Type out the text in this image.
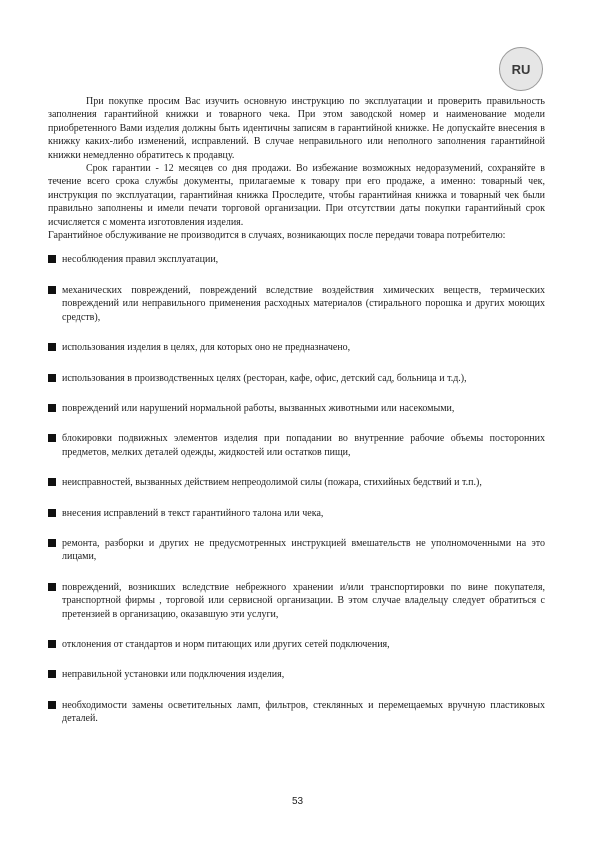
RU

При покупке просим Вас изучить основную инструкцию по эксплуатации и проверить правильность заполнения гарантийной книжки и товарного чека. При этом заводской номер и наименование модели приобретенного Вами изделия должны быть идентичны записям в гарантийной книжке. Не допускайте внесения в книжку каких-либо изменений, исправлений. В случае неправильного или неполного заполнения гарантийной книжки немедленно обратитесь к продавцу.

Срок гарантии - 12 месяцев со дня продажи. Во избежание возможных недоразумений, сохраняйте в течение всего срока службы документы, прилагаемые к товару при его продаже, а именно: товарный чек, инструкция по эксплуатации, гарантийная книжка Проследите, чтобы гарантийная книжка и товарный чек были правильно заполнены и имели печати торговой организации. При отсутствии даты покупки гарантийный срок исчисляется с момента изготовления изделия.

Гарантийное обслуживание не производится в случаях, возникающих после передачи товара потребителю:

несоблюдения правил эксплуатации,
механических повреждений, повреждений вследствие воздействия химических веществ, термических повреждений или неправильного применения расходных материалов (стирального порошка и других моющих средств),
использования изделия в целях, для которых оно не предназначено,
использования в производственных целях (ресторан, кафе, офис, детский сад, больница и т.д.),
повреждений или нарушений нормальной работы, вызванных животными или насекомыми,
блокировки подвижных элементов изделия при попадании во внутренние рабочие объемы посторонних предметов, мелких деталей одежды, жидкостей или остатков пищи,
неисправностей, вызванных действием непреодолимой силы (пожара, стихийных бедствий и т.п.),
внесения исправлений в текст гарантийного талона или чека,
ремонта, разборки и других не предусмотренных инструкцией вмешательств не уполномоченными на это лицами,
повреждений, возникших вследствие небрежного хранении и/или транспортировки по вине покупателя, транспортной фирмы , торговой или сервисной организации. В этом случае владельцу следует обратиться с претензией в организацию, оказавшую эти услуги,
отклонения от стандартов и норм питающих или других сетей подключения,
неправильной установки или подключения изделия,
необходимости замены осветительных ламп, фильтров, стеклянных и перемещаемых вручную пластиковых деталей.
53
